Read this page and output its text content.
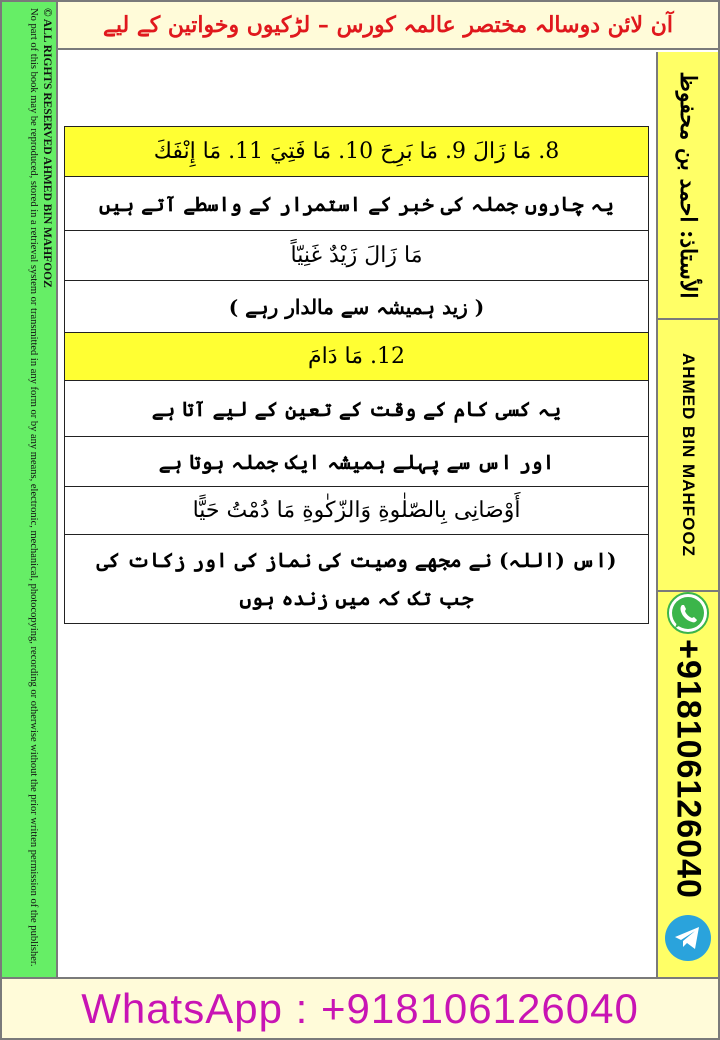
آن لائن دوسالہ مختصر عالمہ کورس – لڑکیوں وخواتین کے لیے
© ALL RIGHTS RESERVED AHMED BIN MAHFOOZ
No part of this book may be reproduced, stored in a retrieval system or transmitted in any form or by any means, electronic, mechanical, photocopying, recording or otherwise without the prior written permission of the publisher.	الأستاذ: احمد بن محفوظ
AHMED BIN MAHFOOZ
+918106126040
8. مَا زَالَ 9. مَا بَرِحَ 10. مَا فَتِيَ 11. مَا إِنْفَكَ
یہ چاروں جملہ کی خبر کے استمرار کے واسطے آتے ہیں
مَا زَالَ زَيْدٌ غَنِيّاً
( زید ہمیشہ سے مالدار رہے )
12. مَا دَامَ
یہ کسی کام کے وقت کے تعین کے لیے آتا ہے
اور اس سے پہلے ہمیشہ ایک جملہ ہوتا ہے
أَوْصَانِی بِالصّلٰوةِ وَالزّكٰوةِ مَا دُمْتُ حَيًّا
(اس (اللہ) نے مجھے وصیت کی نماز کی اور زکات کی جب تک کہ میں زندہ ہوں
WhatsApp : +918106126040
